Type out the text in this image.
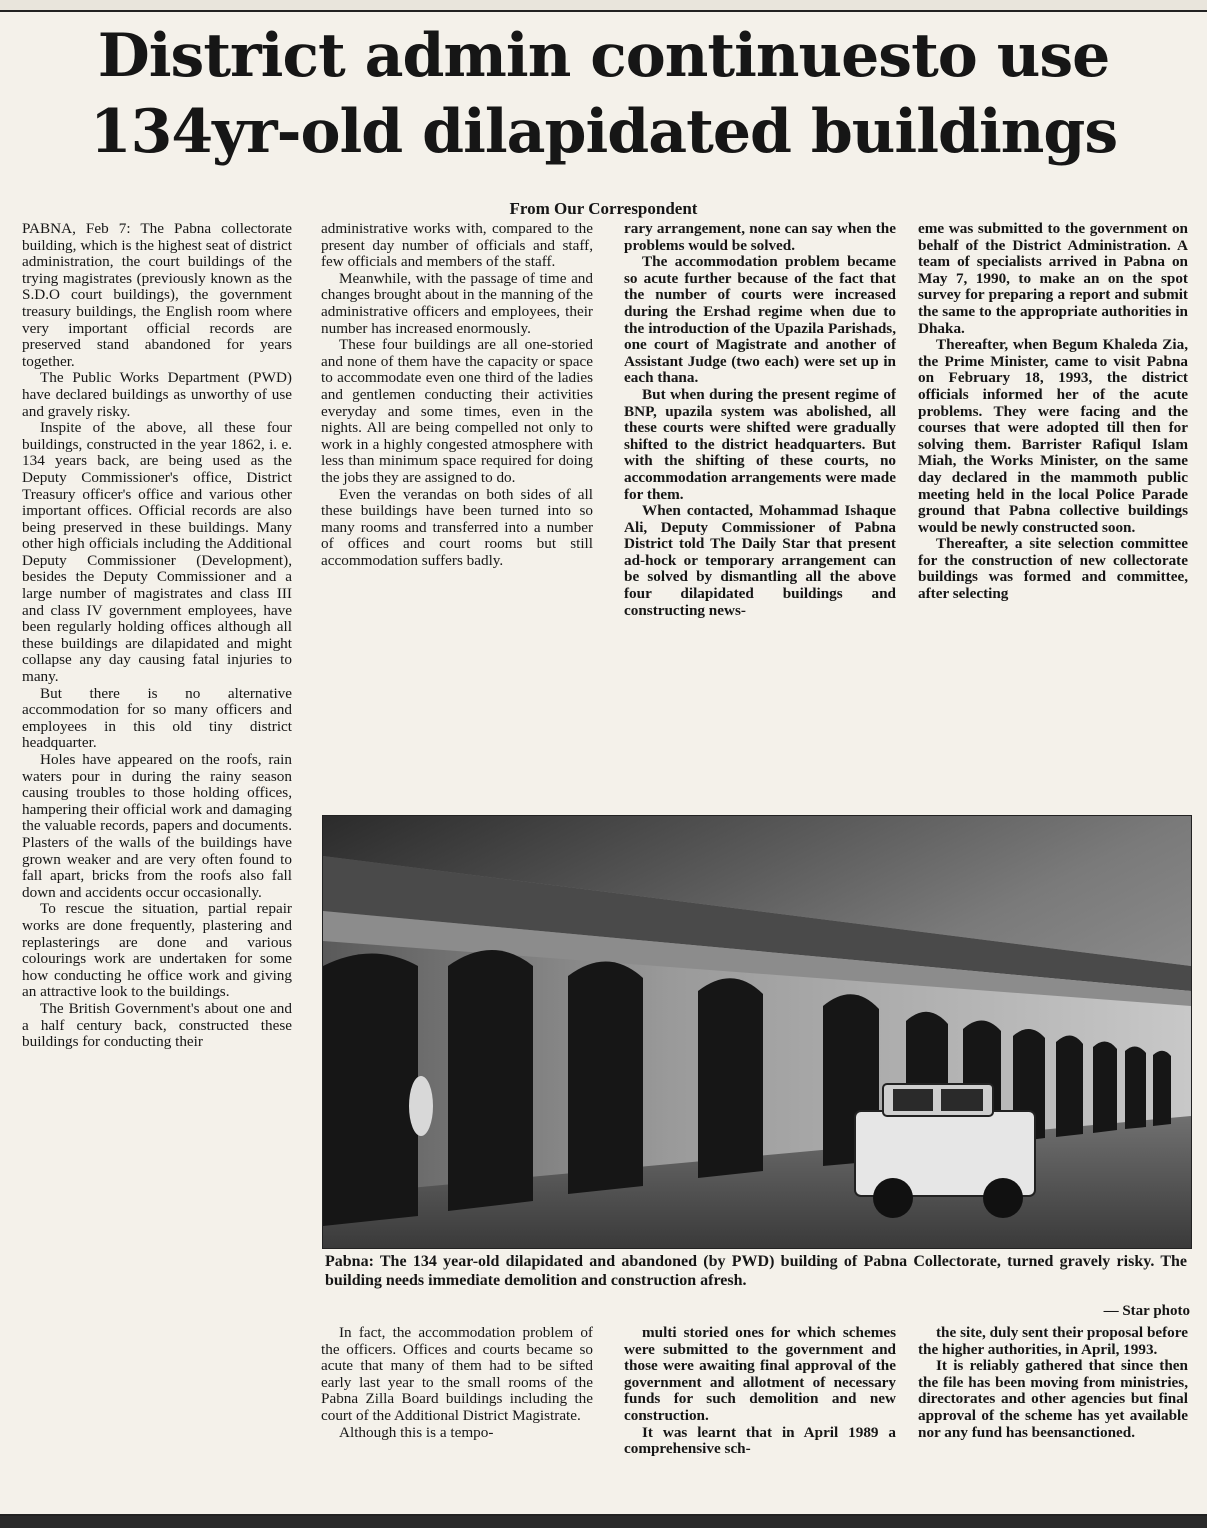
District admin continuesto use
134yr-old dilapidated buildings
From Our Correspondent

PABNA, Feb 7: The Pabna collectorate building, which is the highest seat of district administration, the court buildings of the trying magistrates (previously known as the S.D.O court buildings), the government treasury buildings, the English room where very important official records are preserved stand abandoned for years together.

The Public Works Department (PWD) have declared buildings as unworthy of use and gravely risky.

Inspite of the above, all these four buildings, constructed in the year 1862, i. e. 134 years back, are being used as the Deputy Commissioner's office, District Treasury officer's office and various other important offices. Official records are also being preserved in these buildings. Many other high officials including the Additional Deputy Commissioner (Development), besides the Deputy Commissioner and a large number of magistrates and class III and class IV government employees, have been regularly holding offices although all these buildings are dilapidated and might collapse any day causing fatal injuries to many.

But there is no alternative accommodation for so many officers and employees in this old tiny district headquarter.

Holes have appeared on the roofs, rain waters pour in during the rainy season causing troubles to those holding offices, hampering their official work and damaging the valuable records, papers and documents. Plasters of the walls of the buildings have grown weaker and are very often found to fall apart, bricks from the roofs also fall down and accidents occur occasionally.

To rescue the situation, partial repair works are done frequently, plastering and replasterings are done and various colourings work are undertaken for some how conducting he office work and giving an attractive look to the buildings.

The British Government's about one and a half century back, constructed these buildings for conducting their

administrative works with, compared to the present day number of officials and staff, few officials and members of the staff.

Meanwhile, with the passage of time and changes brought about in the manning of the administrative officers and employees, their number has increased enormously.

These four buildings are all one-storied and none of them have the capacity or space to accommodate even one third of the ladies and gentlemen conducting their activities everyday and some times, even in the nights. All are being compelled not only to work in a highly congested atmosphere with less than minimum space required for doing the jobs they are assigned to do.

Even the verandas on both sides of all these buildings have been turned into so many rooms and transferred into a number of offices and court rooms but still accommodation suffers badly.

rary arrangement, none can say when the problems would be solved.

The accommodation problem became so acute further because of the fact that the number of courts were increased during the Ershad regime when due to the introduction of the Upazila Parishads, one court of Magistrate and another of Assistant Judge (two each) were set up in each thana.

But when during the present regime of BNP, upazila system was abolished, all these courts were shifted were gradually shifted to the district headquarters. But with the shifting of these courts, no accommodation arrangements were made for them.

When contacted, Mohammad Ishaque Ali, Deputy Commissioner of Pabna District told The Daily Star that present ad-hock or temporary arrangement can be solved by dismantling all the above four dilapidated buildings and constructing news-

eme was submitted to the government on behalf of the District Administration. A team of specialists arrived in Pabna on May 7, 1990, to make an on the spot survey for preparing a report and submit the same to the appropriate authorities in Dhaka.

Thereafter, when Begum Khaleda Zia, the Prime Minister, came to visit Pabna on February 18, 1993, the district officials informed her of the acute problems. They were facing and the courses that were adopted till then for solving them. Barrister Rafiqul Islam Miah, the Works Minister, on the same day declared in the mammoth public meeting held in the local Police Parade ground that Pabna collective buildings would be newly constructed soon.

Thereafter, a site selection committee for the construction of new collectorate buildings was formed and committee, after selecting

Pabna: The 134 year-old dilapidated and abandoned (by PWD) building of Pabna Collectorate, turned gravely risky. The building needs immediate demolition and construction afresh.
— Star photo

In fact, the accommodation problem of the officers. Offices and courts became so acute that many of them had to be sifted early last year to the small rooms of the Pabna Zilla Board buildings including the court of the Additional District Magistrate.

Although this is a tempo-

multi storied ones for which schemes were submitted to the government and those were awaiting final approval of the government and allotment of necessary funds for such demolition and new construction.

It was learnt that in April 1989 a comprehensive sch-

the site, duly sent their proposal before the higher authorities, in April, 1993.

It is reliably gathered that since then the file has been moving from ministries, directorates and other agencies but final approval of the scheme has yet available nor any fund has beensanctioned.
